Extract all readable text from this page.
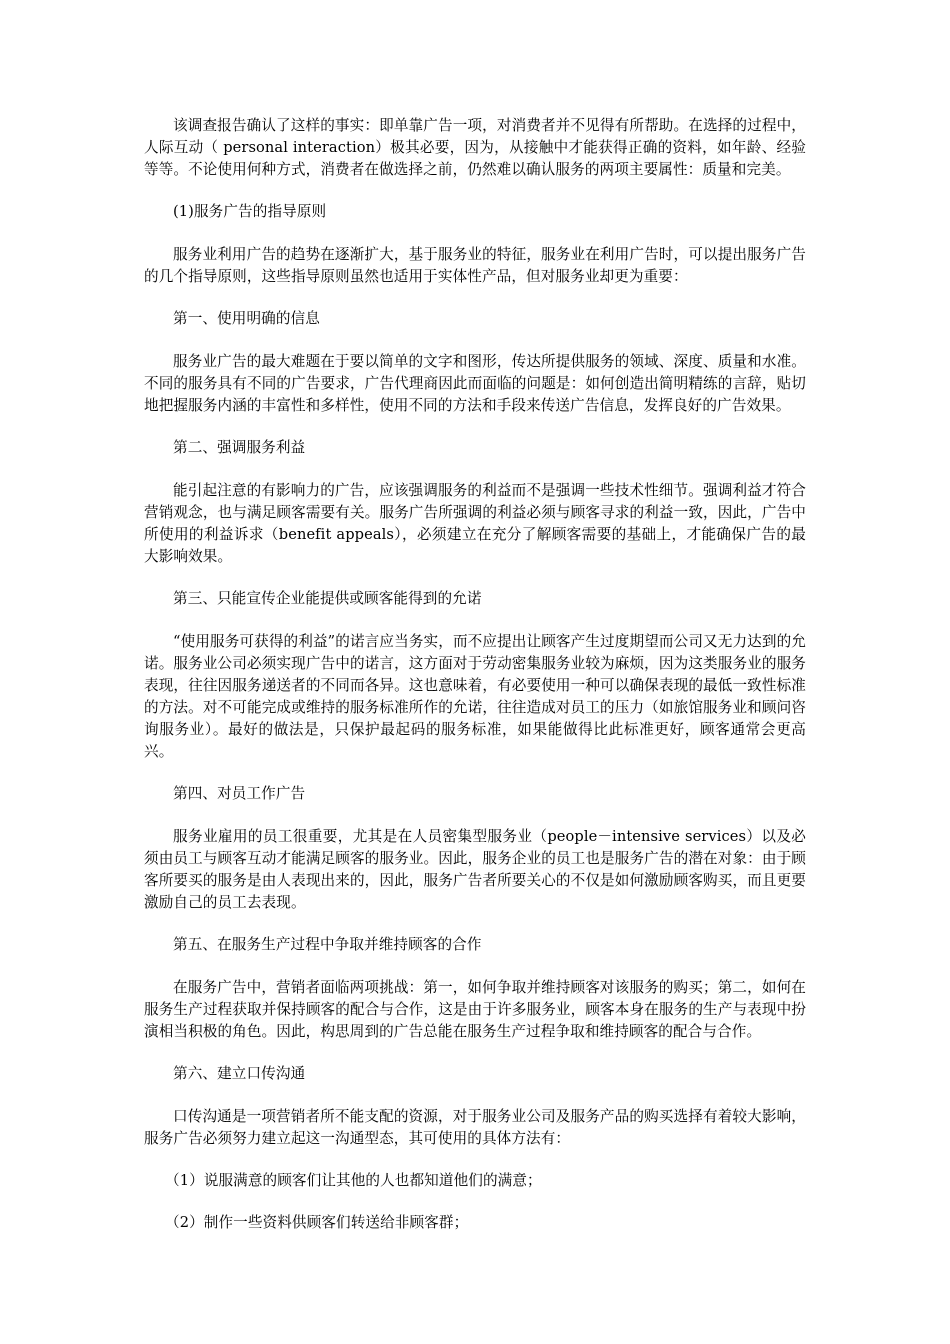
该调查报告确认了这样的事实：即单靠广告一项，对消费者并不见得有所帮助。在选择的过程中，人际互动（ personal interaction）极其必要，因为，从接触中才能获得正确的资料，如年龄、经验等等。不论使用何种方式，消费者在做选择之前，仍然难以确认服务的两项主要属性：质量和完美。

(1)服务广告的指导原则

服务业利用广告的趋势在逐渐扩大，基于服务业的特征，服务业在利用广告时，可以提出服务广告的几个指导原则，这些指导原则虽然也适用于实体性产品，但对服务业却更为重要：

第一、使用明确的信息

服务业广告的最大难题在于要以简单的文字和图形，传达所提供服务的领域、深度、质量和水准。不同的服务具有不同的广告要求，广告代理商因此而面临的问题是：如何创造出简明精练的言辞，贴切地把握服务内涵的丰富性和多样性，使用不同的方法和手段来传送广告信息，发挥良好的广告效果。

第二、强调服务利益

能引起注意的有影响力的广告，应该强调服务的利益而不是强调一些技术性细节。强调利益才符合营销观念，也与满足顾客需要有关。服务广告所强调的利益必须与顾客寻求的利益一致，因此，广告中所使用的利益诉求（benefit appeals），必须建立在充分了解顾客需要的基础上，才能确保广告的最大影响效果。

第三、只能宣传企业能提供或顾客能得到的允诺

“使用服务可获得的利益”的诺言应当务实，而不应提出让顾客产生过度期望而公司又无力达到的允诺。服务业公司必须实现广告中的诺言，这方面对于劳动密集服务业较为麻烦，因为这类服务业的服务表现，往往因服务递送者的不同而各异。这也意味着，有必要使用一种可以确保表现的最低一致性标准的方法。对不可能完成或维持的服务标准所作的允诺，往往造成对员工的压力（如旅馆服务业和顾问咨询服务业）。最好的做法是，只保护最起码的服务标准，如果能做得比此标准更好，顾客通常会更高兴。

第四、对员工作广告

服务业雇用的员工很重要，尤其是在人员密集型服务业（people－intensive services）以及必须由员工与顾客互动才能满足顾客的服务业。因此，服务企业的员工也是服务广告的潜在对象：由于顾客所要买的服务是由人表现出来的，因此，服务广告者所要关心的不仅是如何激励顾客购买，而且更要激励自己的员工去表现。

第五、在服务生产过程中争取并维持顾客的合作

在服务广告中，营销者面临两项挑战：第一，如何争取并维持顾客对该服务的购买；第二，如何在服务生产过程获取并保持顾客的配合与合作，这是由于许多服务业，顾客本身在服务的生产与表现中扮演相当积极的角色。因此，构思周到的广告总能在服务生产过程争取和维持顾客的配合与合作。

第六、建立口传沟通

口传沟通是一项营销者所不能支配的资源，对于服务业公司及服务产品的购买选择有着较大影响，服务广告必须努力建立起这一沟通型态，其可使用的具体方法有：

（1）说服满意的顾客们让其他的人也都知道他们的满意；

（2）制作一些资料供顾客们转送给非顾客群；
